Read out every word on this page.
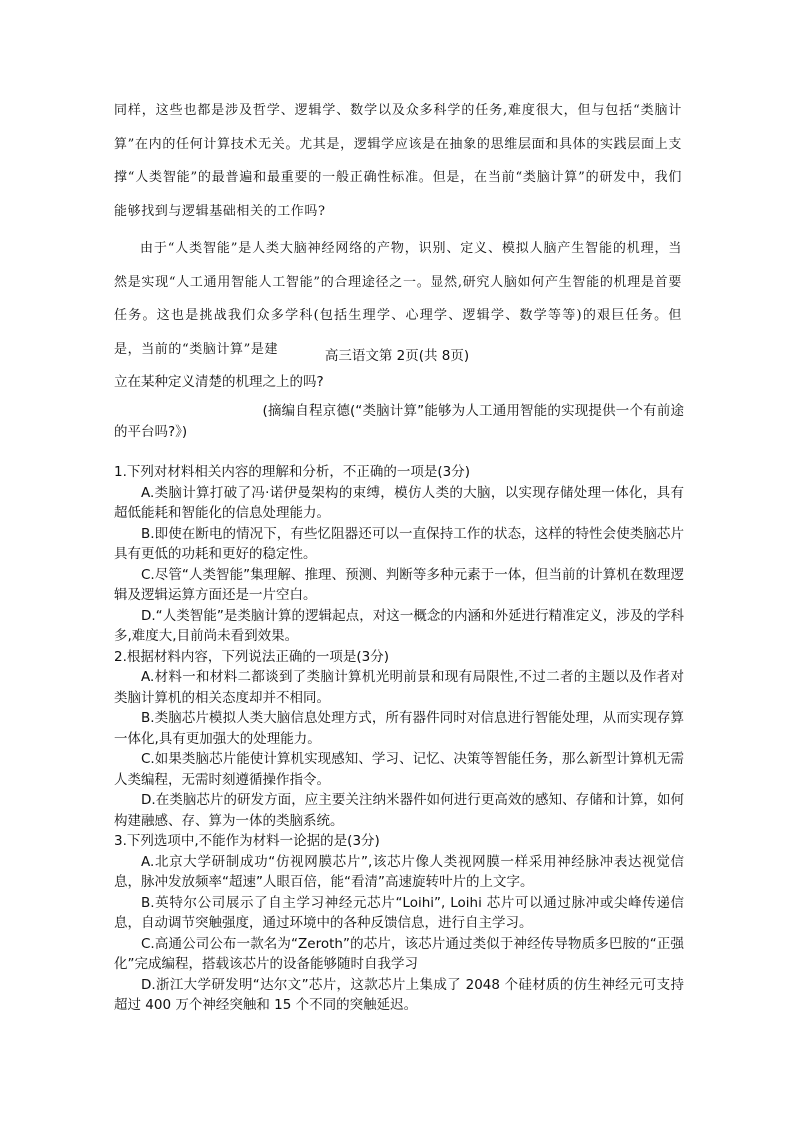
同样，这些也都是涉及哲学、逻辑学、数学以及众多科学的任务,难度很大，但与包括“类脑计算”在内的任何计算技术无关。尤其是，逻辑学应该是在抽象的思维层面和具体的实践层面上支撑“人类智能”的最普遍和最重要的一般正确性标准。但是，在当前“类脑计算”的研发中，我们能够找到与逻辑基础相关的工作吗?

由于“人类智能”是人类大脑神经网络的产物，识别、定义、模拟人脑产生智能的机理，当然是实现“人工通用智能人工智能”的合理途径之一。显然,研究人脑如何产生智能的机理是首要任务。这也是挑战我们众多学科(包括生理学、心理学、逻辑学、数学等等)的艰巨任务。但是，当前的“类脑计算”是建	高三语文第 2页(共 8页)

立在某种定义清楚的机理之上的吗?

(摘编自程京德(“类脑计算”能够为人工通用智能的实现提供一个有前途的平台吗?》)

1.下列对材料相关内容的理解和分析，不正确的一项是(3分)

A.类脑计算打破了冯·诺伊曼架构的束缚，模仿人类的大脑，以实现存储处理一体化，具有超低能耗和智能化的信息处理能力。

B.即使在断电的情况下，有些忆阻器还可以一直保持工作的状态，这样的特性会使类脑芯片具有更低的功耗和更好的稳定性。

C.尽管“人类智能”集理解、推理、预测、判断等多种元素于一体，但当前的计算机在数理逻辑及逻辑运算方面还是一片空白。

D.“人类智能”是类脑计算的逻辑起点，对这一概念的内涵和外延进行精准定义，涉及的学科多,难度大,目前尚未看到效果。

2.根据材料内容，下列说法正确的一项是(3分)

A.材料一和材料二都谈到了类脑计算机光明前景和现有局限性,不过二者的主题以及作者对类脑计算机的相关态度却并不相同。

B.类脑芯片模拟人类大脑信息处理方式，所有器件同时对信息进行智能处理，从而实现存算一体化,具有更加强大的处理能力。

C.如果类脑芯片能使计算机实现感知、学习、记忆、决策等智能任务，那么新型计算机无需人类编程，无需时刻遵循操作指令。

D.在类脑芯片的研发方面，应主要关注纳米器件如何进行更高效的感知、存储和计算，如何构建融感、存、算为一体的类脑系统。

3.下列选项中,不能作为材料一论据的是(3分)

A.北京大学研制成功“仿视网膜芯片”,该芯片像人类视网膜一样采用神经脉冲表达视觉信息，脉冲发放频率“超速”人眼百倍，能“看清”高速旋转叶片的上文字。

B.英特尔公司展示了自主学习神经元芯片“Loihi”, Loihi 芯片可以通过脉冲或尖峰传递信息，自动调节突触强度，通过环境中的各种反馈信息，进行自主学习。

C.高通公司公布一款名为“Zeroth”的芯片，该芯片通过类似于神经传导物质多巴胺的“正强化”完成编程，搭载该芯片的设备能够随时自我学习

D.浙江大学研发明“达尔文”芯片，这款芯片上集成了 2048 个硅材质的仿生神经元可支持超过 400 万个神经突触和 15 个不同的突触延迟。
